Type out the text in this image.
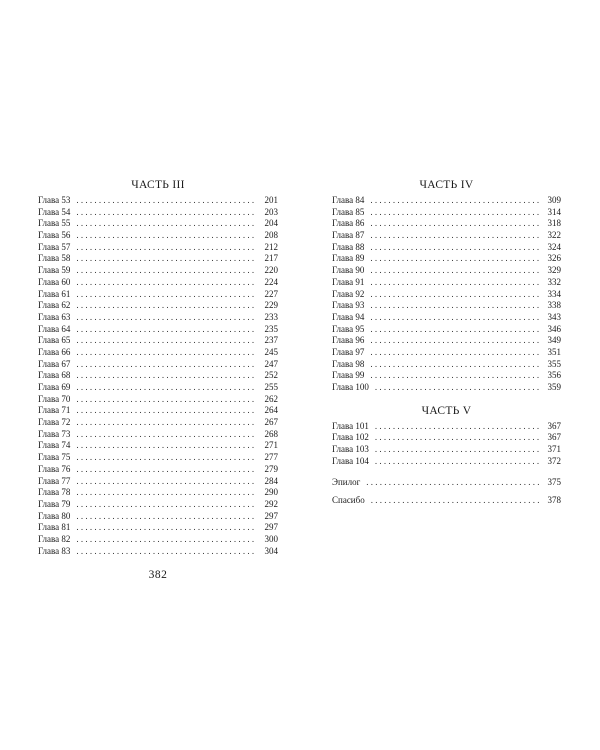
ЧАСТЬ III
Глава 53 . . .	201
Глава 54 . . .	203
Глава 55 . . .	204
Глава 56 . . .	208
Глава 57 . . .	212
Глава 58 . . .	217
Глава 59 . . .	220
Глава 60 . . .	224
Глава 61 . . .	227
Глава 62 . . .	229
Глава 63 . . .	233
Глава 64 . . .	235
Глава 65 . . .	237
Глава 66 . . .	245
Глава 67 . . .	247
Глава 68 . . .	252
Глава 69 . . .	255
Глава 70 . . .	262
Глава 71 . . .	264
Глава 72 . . .	267
Глава 73 . . .	268
Глава 74 . . .	271
Глава 75 . . .	277
Глава 76 . . .	279
Глава 77 . . .	284
Глава 78 . . .	290
Глава 79 . . .	292
Глава 80 . . .	297
Глава 81 . . .	297
Глава 82 . . .	300
Глава 83 . . .	304
382
ЧАСТЬ IV
Глава 84 . . .	309
Глава 85 . . .	314
Глава 86 . . .	318
Глава 87 . . .	322
Глава 88 . . .	324
Глава 89 . . .	326
Глава 90 . . .	329
Глава 91 . . .	332
Глава 92 . . .	334
Глава 93 . . .	338
Глава 94 . . .	343
Глава 95 . . .	346
Глава 96 . . .	349
Глава 97 . . .	351
Глава 98 . . .	355
Глава 99 . . .	356
Глава 100 . . .	359
ЧАСТЬ V
Глава 101 . . .	367
Глава 102 . . .	367
Глава 103 . . .	371
Глава 104 . . .	372
Эпилог . . .	375
Спасибо . . .	378
